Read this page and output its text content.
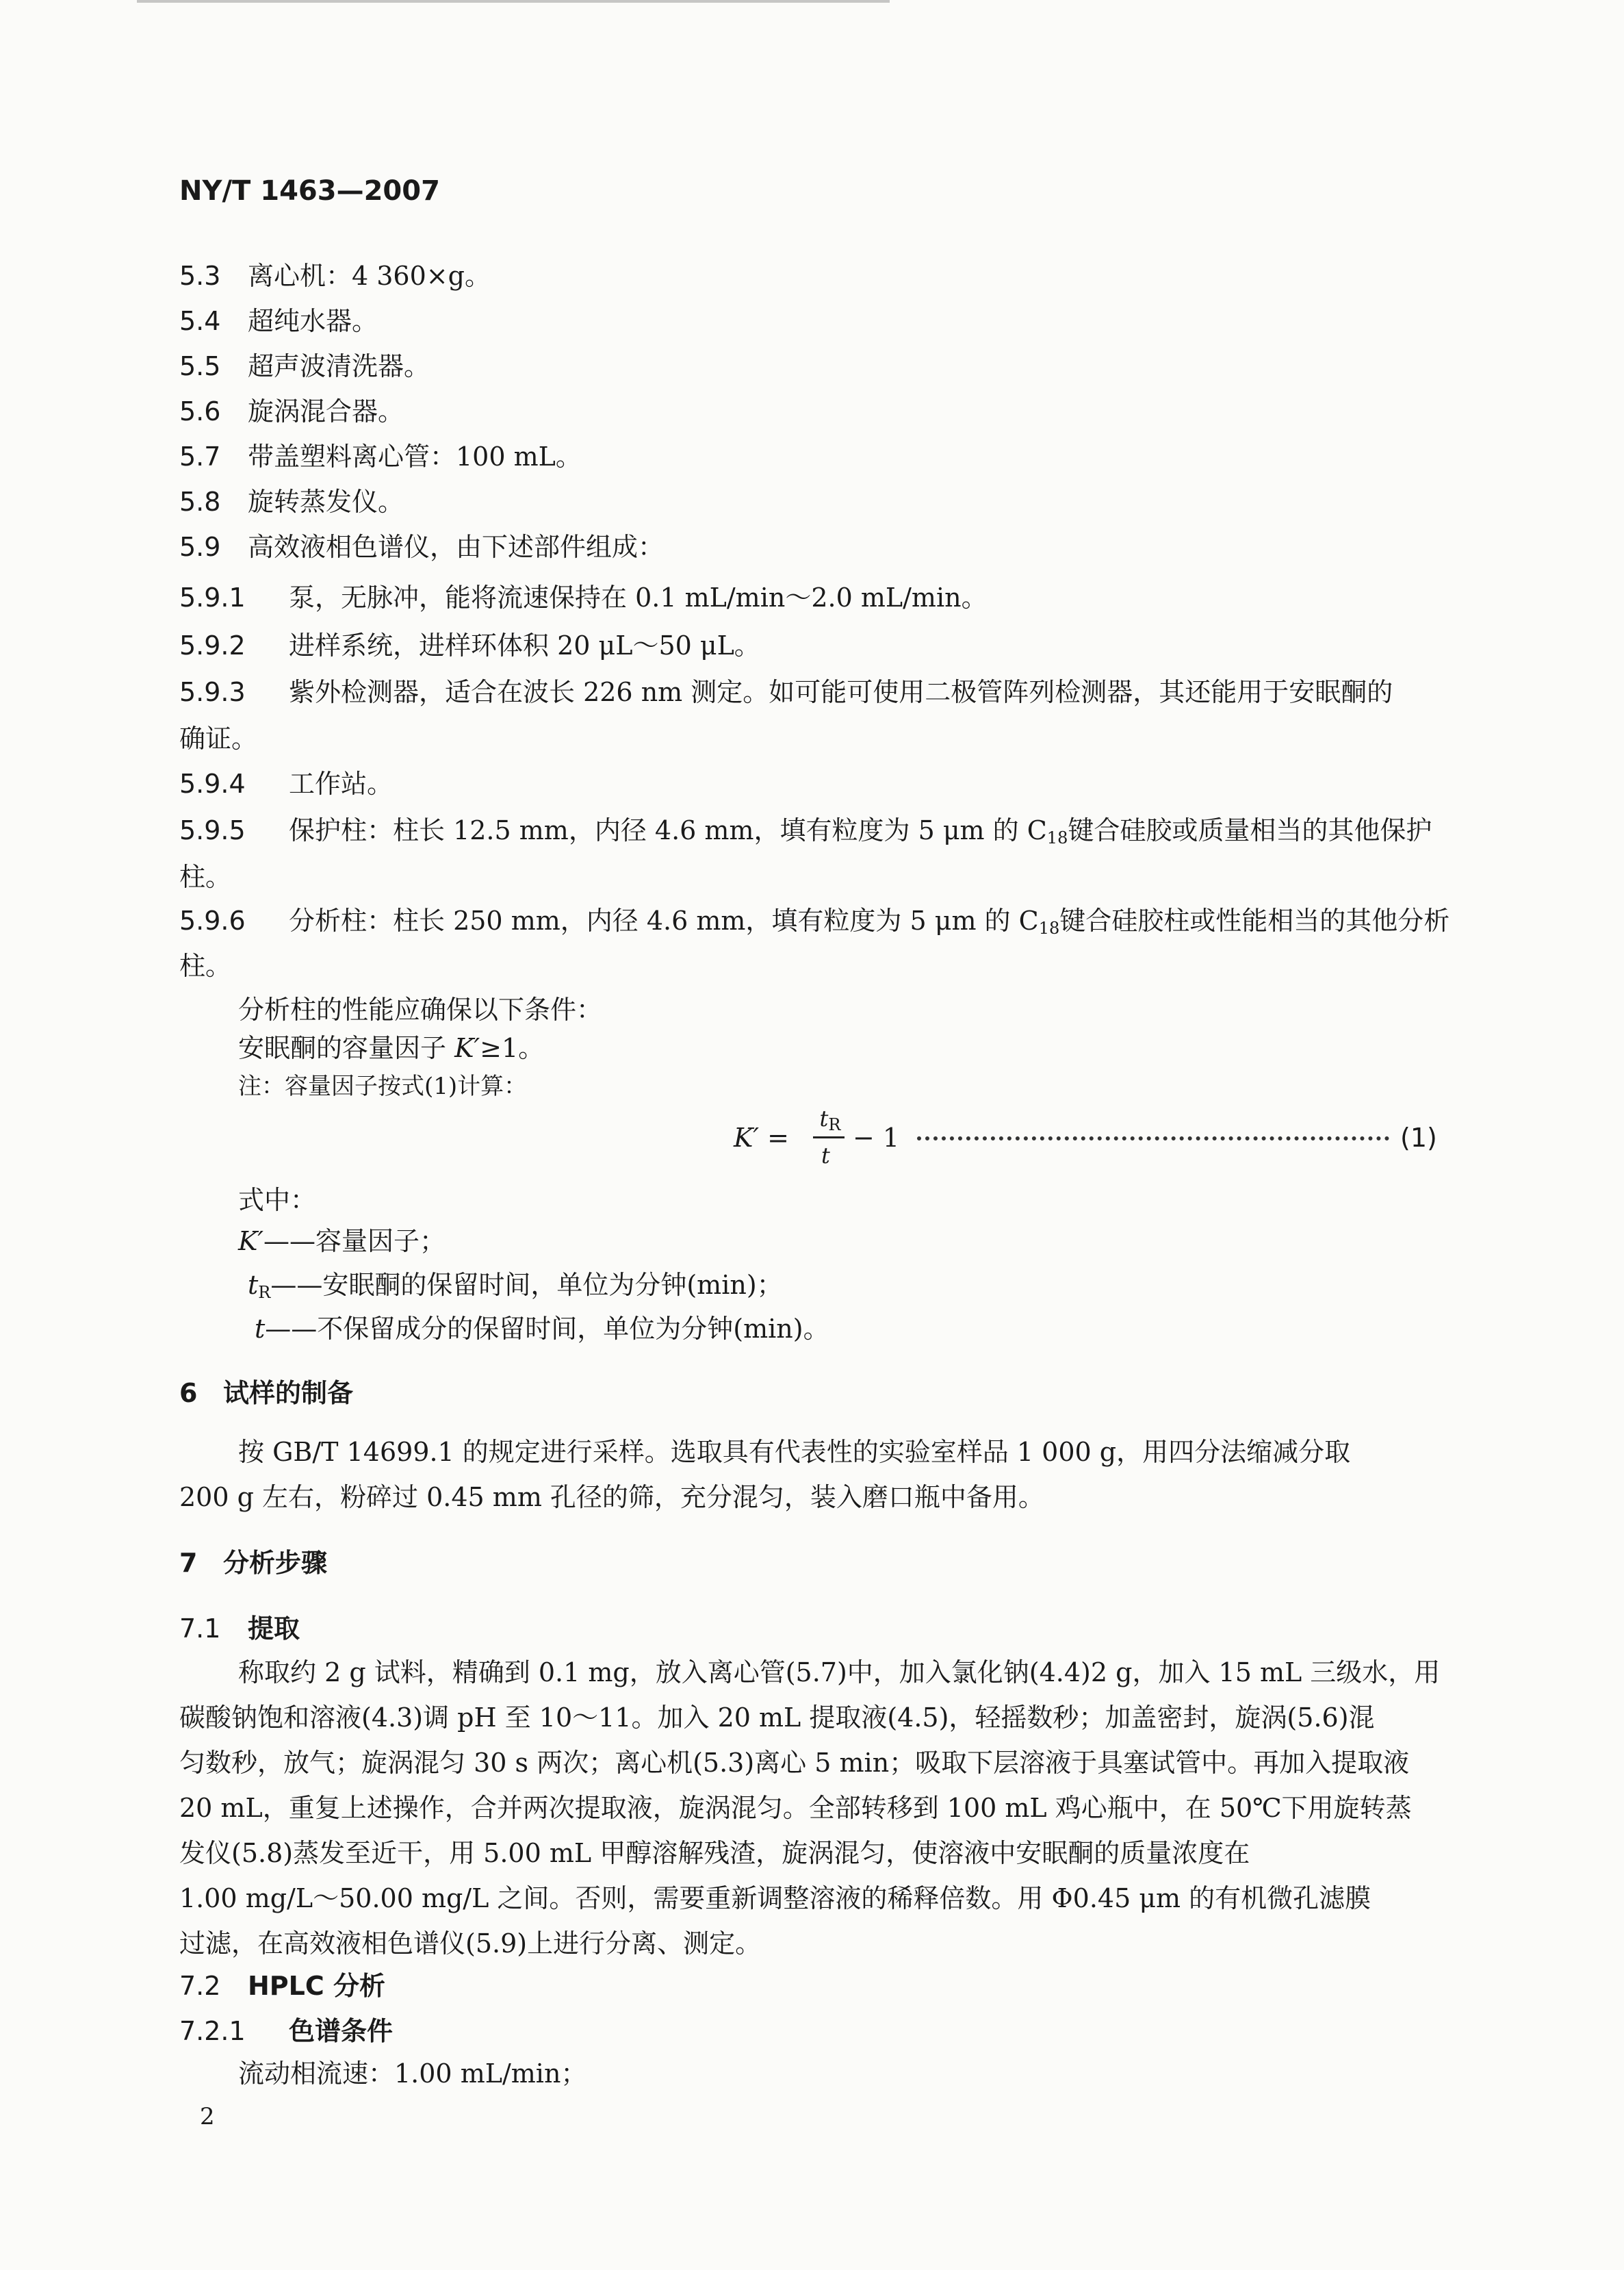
NY/T 1463—2007
5.3 离心机：4 360×g。
5.4 超纯水器。
5.5 超声波清洗器。
5.6 旋涡混合器。
5.7 带盖塑料离心管：100 mL。
5.8 旋转蒸发仪。
5.9 高效液相色谱仪，由下述部件组成：
5.9.1 泵，无脉冲，能将流速保持在 0.1 mL/min～2.0 mL/min。
5.9.2 进样系统，进样环体积 20 μL～50 μL。
5.9.3 紫外检测器，适合在波长 226 nm 测定。如可能可使用二极管阵列检测器，其还能用于安眠酮的
确证。
5.9.4 工作站。
5.9.5 保护柱：柱长 12.5 mm，内径 4.6 mm，填有粒度为 5 μm 的 $C_{18}$键合硅胶或质量相当的其他保护
柱。
5.9.6 分析柱：柱长 250 mm，内径 4.6 mm，填有粒度为 5 μm 的 $C_{18}$键合硅胶柱或性能相当的其他分析
柱。
分析柱的性能应确保以下条件：
安眠酮的容量因子 K′≥1。
注：容量因子按式(1)计算：
K′ =
$t_R$
t
− 1	(1)
式中：
K′——容量因子；
$t_R——$安眠酮的保留时间，单位为分钟(min)；
t——不保留成分的保留时间，单位为分钟(min)。
6 试样的制备
按 GB/T 14699.1 的规定进行采样。选取具有代表性的实验室样品 1 000 g，用四分法缩减分取
200 g 左右，粉碎过 0.45 mm 孔径的筛，充分混匀，装入磨口瓶中备用。
7 分析步骤
7.1 提取
称取约 2 g 试料，精确到 0.1 mg，放入离心管(5.7)中，加入氯化钠(4.4)2 g，加入 15 mL 三级水，用
碳酸钠饱和溶液(4.3)调 pH 至 10～11。加入 20 mL 提取液(4.5)，轻摇数秒；加盖密封，旋涡(5.6)混
匀数秒，放气；旋涡混匀 30 s 两次；离心机(5.3)离心 5 min；吸取下层溶液于具塞试管中。再加入提取液
20 mL，重复上述操作，合并两次提取液，旋涡混匀。全部转移到 100 mL 鸡心瓶中，在 50℃下用旋转蒸
发仪(5.8)蒸发至近干，用 5.00 mL 甲醇溶解残渣，旋涡混匀，使溶液中安眠酮的质量浓度在
1.00 mg/L～50.00 mg/L 之间。否则，需要重新调整溶液的稀释倍数。用 Φ0.45 μm 的有机微孔滤膜
过滤，在高效液相色谱仪(5.9)上进行分离、测定。
7.2 HPLC 分析
7.2.1 色谱条件
流动相流速：1.00 mL/min；
2
